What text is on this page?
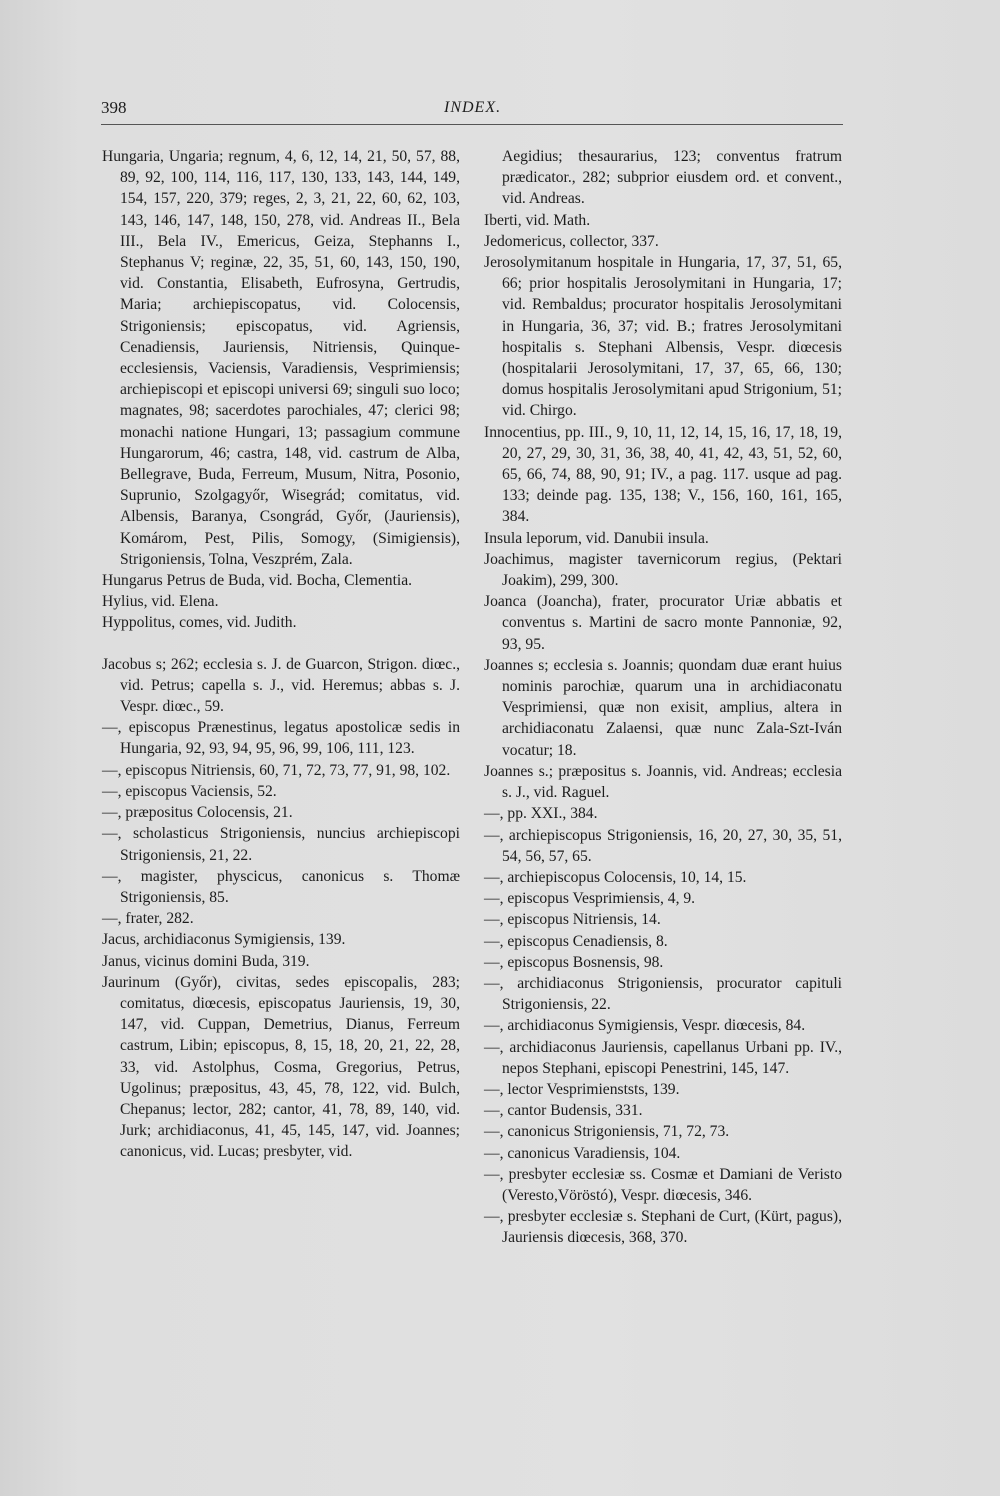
398	INDEX.

Hungaria, Ungaria; regnum, 4, 6, 12, 14, 21, 50, 57, 88, 89, 92, 100, 114, 116, 117, 130, 133, 143, 144, 149, 154, 157, 220, 379; reges, 2, 3, 21, 22, 60, 62, 103, 143, 146, 147, 148, 150, 278, vid. Andreas II., Bela III., Bela IV., Emericus, Geiza, Stephanns I., Stephanus V; reginæ, 22, 35, 51, 60, 143, 150, 190, vid. Constantia, Elisabeth, Eufrosyna, Gertrudis, Maria; archiepiscopatus, vid. Colocensis, Strigoniensis; episcopatus, vid. Agriensis, Cenadiensis, Jauriensis, Nitriensis, Quinque-ecclesiensis, Vaciensis, Varadiensis, Vesprimiensis; archiepiscopi et episcopi universi 69; singuli suo loco; magnates, 98; sacerdotes parochiales, 47; clerici 98; monachi natione Hungari, 13; passagium commune Hungarorum, 46; castra, 148, vid. castrum de Alba, Bellegrave, Buda, Ferreum, Musum, Nitra, Posonio, Suprunio, Szolgagyőr, Wisegrád; comitatus, vid. Albensis, Baranya, Csongrád, Győr, (Jauriensis), Komárom, Pest, Pilis, Somogy, (Simigiensis), Strigoniensis, Tolna, Veszprém, Zala.

Hungarus Petrus de Buda, vid. Bocha, Clementia.

Hylius, vid. Elena.

Hyppolitus, comes, vid. Judith.

Jacobus s; 262; ecclesia s. J. de Guarcon, Strigon. diœc., vid. Petrus; capella s. J., vid. Heremus; abbas s. J. Vespr. diœc., 59.

—, episcopus Prænestinus, legatus apostolicæ sedis in Hungaria, 92, 93, 94, 95, 96, 99, 106, 111, 123.

—, episcopus Nitriensis, 60, 71, 72, 73, 77, 91, 98, 102.

—, episcopus Vaciensis, 52.

—, præpositus Colocensis, 21.

—, scholasticus Strigoniensis, nuncius archiepiscopi Strigoniensis, 21, 22.

—, magister, physcicus, canonicus s. Thomæ Strigoniensis, 85.

—, frater, 282.

Jacus, archidiaconus Symigiensis, 139.

Janus, vicinus domini Buda, 319.

Jaurinum (Győr), civitas, sedes episcopalis, 283; comitatus, diœcesis, episcopatus Jauriensis, 19, 30, 147, vid. Cuppan, Demetrius, Dianus, Ferreum castrum, Libin; episcopus, 8, 15, 18, 20, 21, 22, 28, 33, vid. Astolphus, Cosma, Gregorius, Petrus, Ugolinus; præpositus, 43, 45, 78, 122, vid. Bulch, Chepanus; lector, 282; cantor, 41, 78, 89, 140, vid. Jurk; archidiaconus, 41, 45, 145, 147, vid. Joannes; canonicus, vid. Lucas; presbyter, vid.

Aegidius; thesaurarius, 123; conventus fratrum prædicator., 282; subprior eiusdem ord. et convent., vid. Andreas.

Iberti, vid. Math.

Jedomericus, collector, 337.

Jerosolymitanum hospitale in Hungaria, 17, 37, 51, 65, 66; prior hospitalis Jerosolymitani in Hungaria, 17; vid. Rembaldus; procurator hospitalis Jerosolymitani in Hungaria, 36, 37; vid. B.; fratres Jerosolymitani hospitalis s. Stephani Albensis, Vespr. diœcesis (hospitalarii Jerosolymitani, 17, 37, 65, 66, 130; domus hospitalis Jerosolymitani apud Strigonium, 51; vid. Chirgo.

Innocentius, pp. III., 9, 10, 11, 12, 14, 15, 16, 17, 18, 19, 20, 27, 29, 30, 31, 36, 38, 40, 41, 42, 43, 51, 52, 60, 65, 66, 74, 88, 90, 91; IV., a pag. 117. usque ad pag. 133; deinde pag. 135, 138; V., 156, 160, 161, 165, 384.

Insula leporum, vid. Danubii insula.

Joachimus, magister tavernicorum regius, (Pektari Joakim), 299, 300.

Joanca (Joancha), frater, procurator Uriæ abbatis et conventus s. Martini de sacro monte Pannoniæ, 92, 93, 95.

Joannes s; ecclesia s. Joannis; quondam duæ erant huius nominis parochiæ, quarum una in archidiaconatu Vesprimiensi, quæ non exisit, amplius, altera in archidiaconatu Zalaensi, quæ nunc Zala-Szt-Iván vocatur; 18.

Joannes s.; præpositus s. Joannis, vid. Andreas; ecclesia s. J., vid. Raguel.

—, pp. XXI., 384.

—, archiepiscopus Strigoniensis, 16, 20, 27, 30, 35, 51, 54, 56, 57, 65.

—, archiepiscopus Colocensis, 10, 14, 15.

—, episcopus Vesprimiensis, 4, 9.

—, episcopus Nitriensis, 14.

—, episcopus Cenadiensis, 8.

—, episcopus Bosnensis, 98.

—, archidiaconus Strigoniensis, procurator capituli Strigoniensis, 22.

—, archidiaconus Symigiensis, Vespr. diœcesis, 84.

—, archidiaconus Jauriensis, capellanus Urbani pp. IV., nepos Stephani, episcopi Penestrini, 145, 147.

—, lector Vesprimienststs, 139.

—, cantor Budensis, 331.

—, canonicus Strigoniensis, 71, 72, 73.

—, canonicus Varadiensis, 104.

—, presbyter ecclesiæ ss. Cosmæ et Damiani de Veristo (Veresto,Vöröstó), Vespr. diœcesis, 346.

—, presbyter ecclesiæ s. Stephani de Curt, (Kürt, pagus), Jauriensis diœcesis, 368, 370.
